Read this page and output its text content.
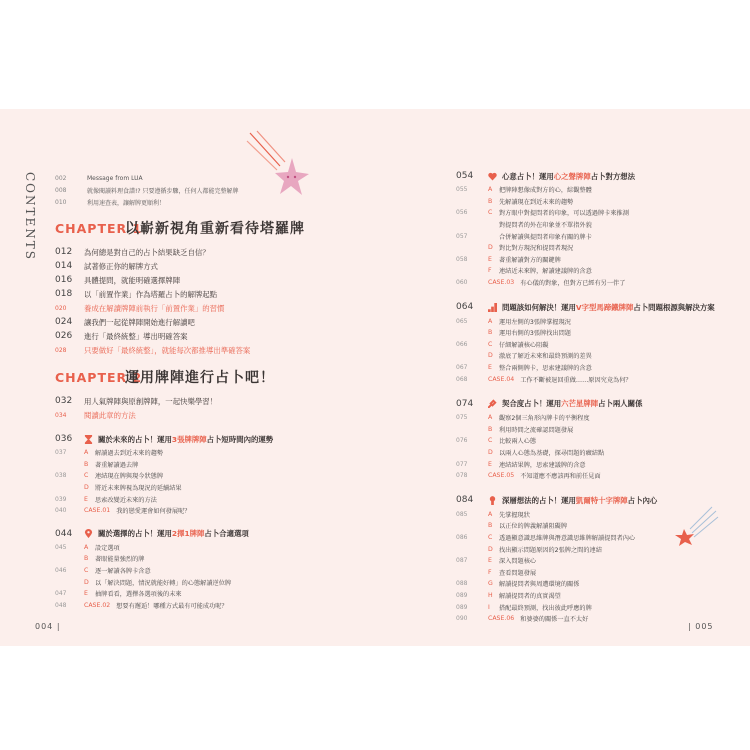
CONTENTS	002	Message from LUA
008	就像閱讀料理食譜!? 只要遵循步驟，任何人都能完整解牌
010	利用速查表，讓解牌更順利！
CHAPTER 1
以嶄新視角重新看待塔羅牌
012	為何總是對自己的占卜結果缺乏自信？
014	試著修正你的解牌方式
016	具體提問，就能明確選擇牌陣
018	以「前置作業」作為塔羅占卜的解牌起點
020	養成在解讀牌陣前執行「前置作業」的習慣
024	讓我們一起從牌陣開始進行解讀吧
026	進行「最終統整」導出明確答案
028	只要做好「最終統整」，就能每次都推導出準確答案
CHAPTER 2
運用牌陣進行占卜吧！
032	用人氣牌陣與原創牌陣，一起快樂學習！
034	閱讀此章的方法
036	關於未來的占卜！運用 3張牌牌陣 占卜短時間內的運勢
037	A	解讀過去到近未來的趨勢
B	著重解讀過去牌
038	C	連結現在牌與現今狀態牌
D	將近未來牌視為現況的延續結果
039	E	思索改變近未來的方法
040	CASE.01 我的戀愛運會如何發展呢？
044	關於選擇的占卜！運用 2擇1牌陣 占卜合適選項
045	A	設定選項
B	著眼能量強烈的牌
046	C	逐一解讀各牌卡含意
D	以「解決問題，情況就能好轉」的心態解讀逆位牌
047	E	抽牌看看，選擇各選項後的未來
048	CASE.02 想要有邂逅！哪種方式最有可能成功呢？
054	心意占卜！運用 心之聲牌陣 占卜對方想法
055	A	把牌陣想像成對方的心，綜觀整體
B	先解讀現在到近未來的趨勢
056	C	對方眼中對提問者的印象，可以透過牌卡來推測
對提問者的外在印象並不單指外貌
057	合併解讀與提問者印象有關的牌卡
D	對比對方現況和提問者現況
058	E	著重解讀對方的關鍵牌
F	連結近未來牌，解讀建議牌的含意
060	CASE.03 有心儀的對象，但對方已經有另一伴了
064	問題該如何解決！運用 V字型馬蹄鐵牌陣 占卜問題根源與解決方案
065	A	運用左側的3張牌掌握現況
B	運用右側的3張牌找出問題
066	C	仔細解讀核心阻礙
D	澈底了解近未來和最終預測的差異
067	E	整合兩側牌卡，思索建議牌的含意
068	CASE.04 工作不斷被退回重做……原因究竟為何？
074	契合度占卜！運用 六芒星牌陣 占卜兩人關係
075	A	觀察2個三角形內牌卡的平衡程度
B	利用時間之流確認問題發展
076	C	比較兩人心態
D	以兩人心態為基礎，探尋問題的癥結點
077	E	連結結果牌，思索建議牌的含意
078	CASE.05 不知道應不應該再和前任見面
084	深層想法的占卜！運用 凱爾特十字牌陣 占卜內心
085	A	先掌握現狀
B	以正位的牌義解讀阻礙牌
086	C	透過顯意識思維牌與潛意識思維牌解讀提問者內心
D	找出顯示問題原因的2張牌之間的連結
087	E	深入問題核心
F	查看問題發展
088	G	解讀提問者與周遭環境的關係
089	H	解讀提問者的真實渴望
089	I	搭配最終預測，找出彼此呼應的牌
090	CASE.06 和婆婆的關係一直不太好
004 |	| 005
